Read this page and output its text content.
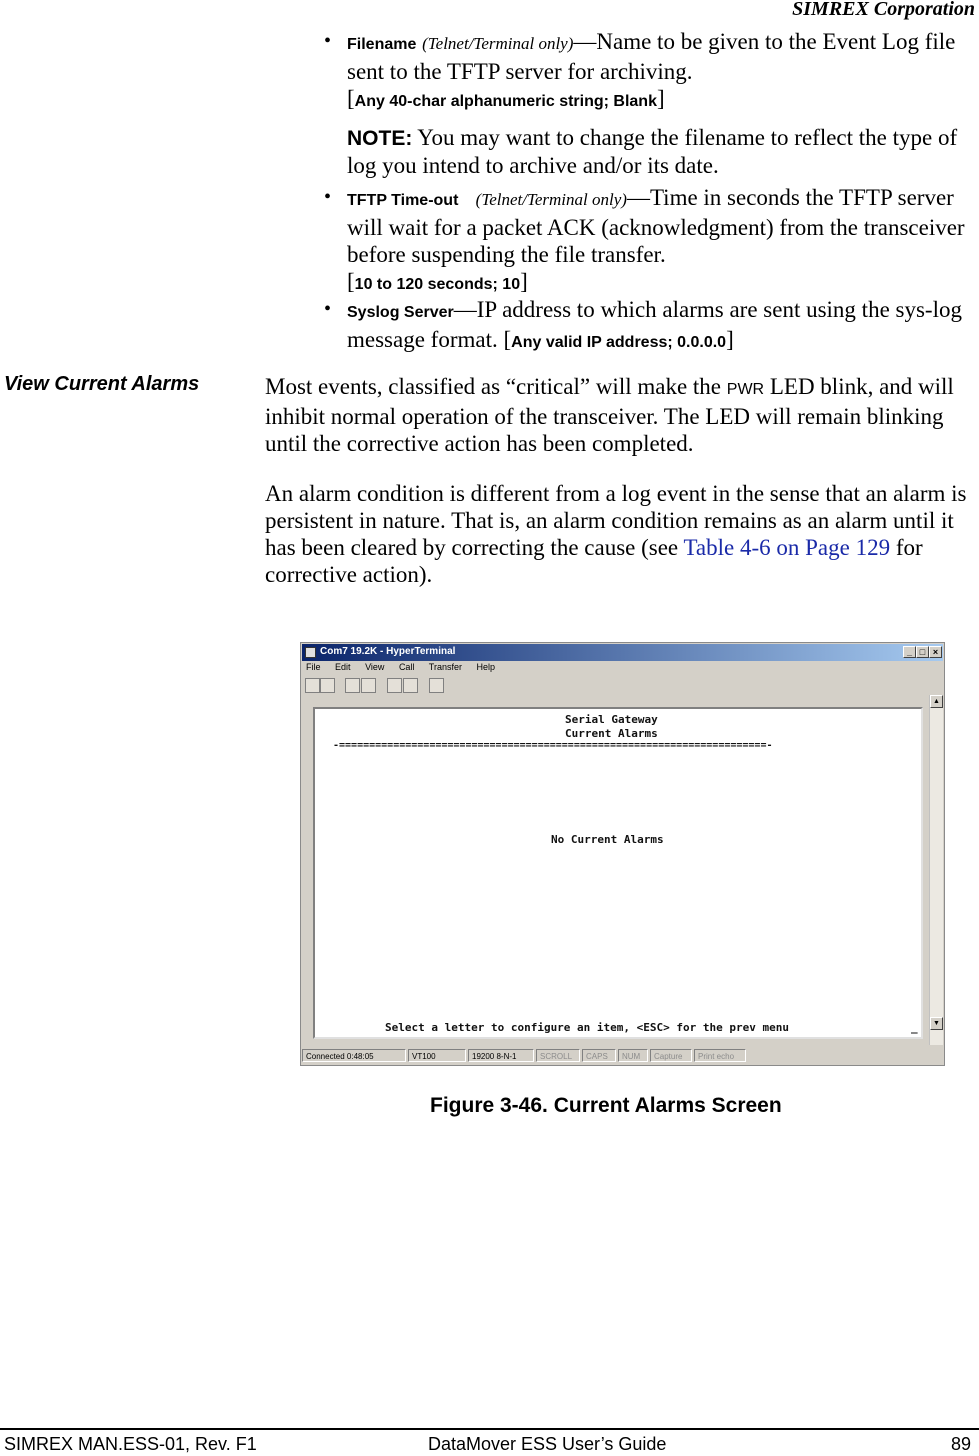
SIMREX Corporation
• Filename (Telnet/Terminal only)—Name to be given to the Event Log file sent to the TFTP server for archiving.
[Any 40-char alphanumeric string; Blank]
NOTE: You may want to change the filename to reflect the type of log you intend to archive and/or its date.
• TFTP Time-out (Telnet/Terminal only)—Time in seconds the TFTP server will wait for a packet ACK (acknowledgment) from the transceiver before suspending the file transfer.
[10 to 120 seconds; 10]
• Syslog Server—IP address to which alarms are sent using the sys-log message format. [Any valid IP address; 0.0.0.0]
View Current Alarms	Most events, classified as “critical” will make the PWR LED blink, and will inhibit normal operation of the transceiver. The LED will remain blinking until the corrective action has been completed.
An alarm condition is different from a log event in the sense that an alarm is persistent in nature. That is, an alarm condition remains as an alarm until it has been cleared by correcting the cause (see Table 4-6 on Page 129 for corrective action).
Com7 19.2K - HyperTerminal	_ □ ×
File Edit View Call Transfer Help
Serial Gateway
Current Alarms
-=======================================================================-
No Current Alarms
Select a letter to configure an item, <ESC> for the prev menu	_
▲
▼
Connected 0:48:05	VT100	19200 8-N-1	SCROLL	CAPS	NUM	Capture	Print echo
Figure 3-46. Current Alarms Screen
SIMREX MAN.ESS-01, Rev. F1	DataMover ESS User’s Guide	89
